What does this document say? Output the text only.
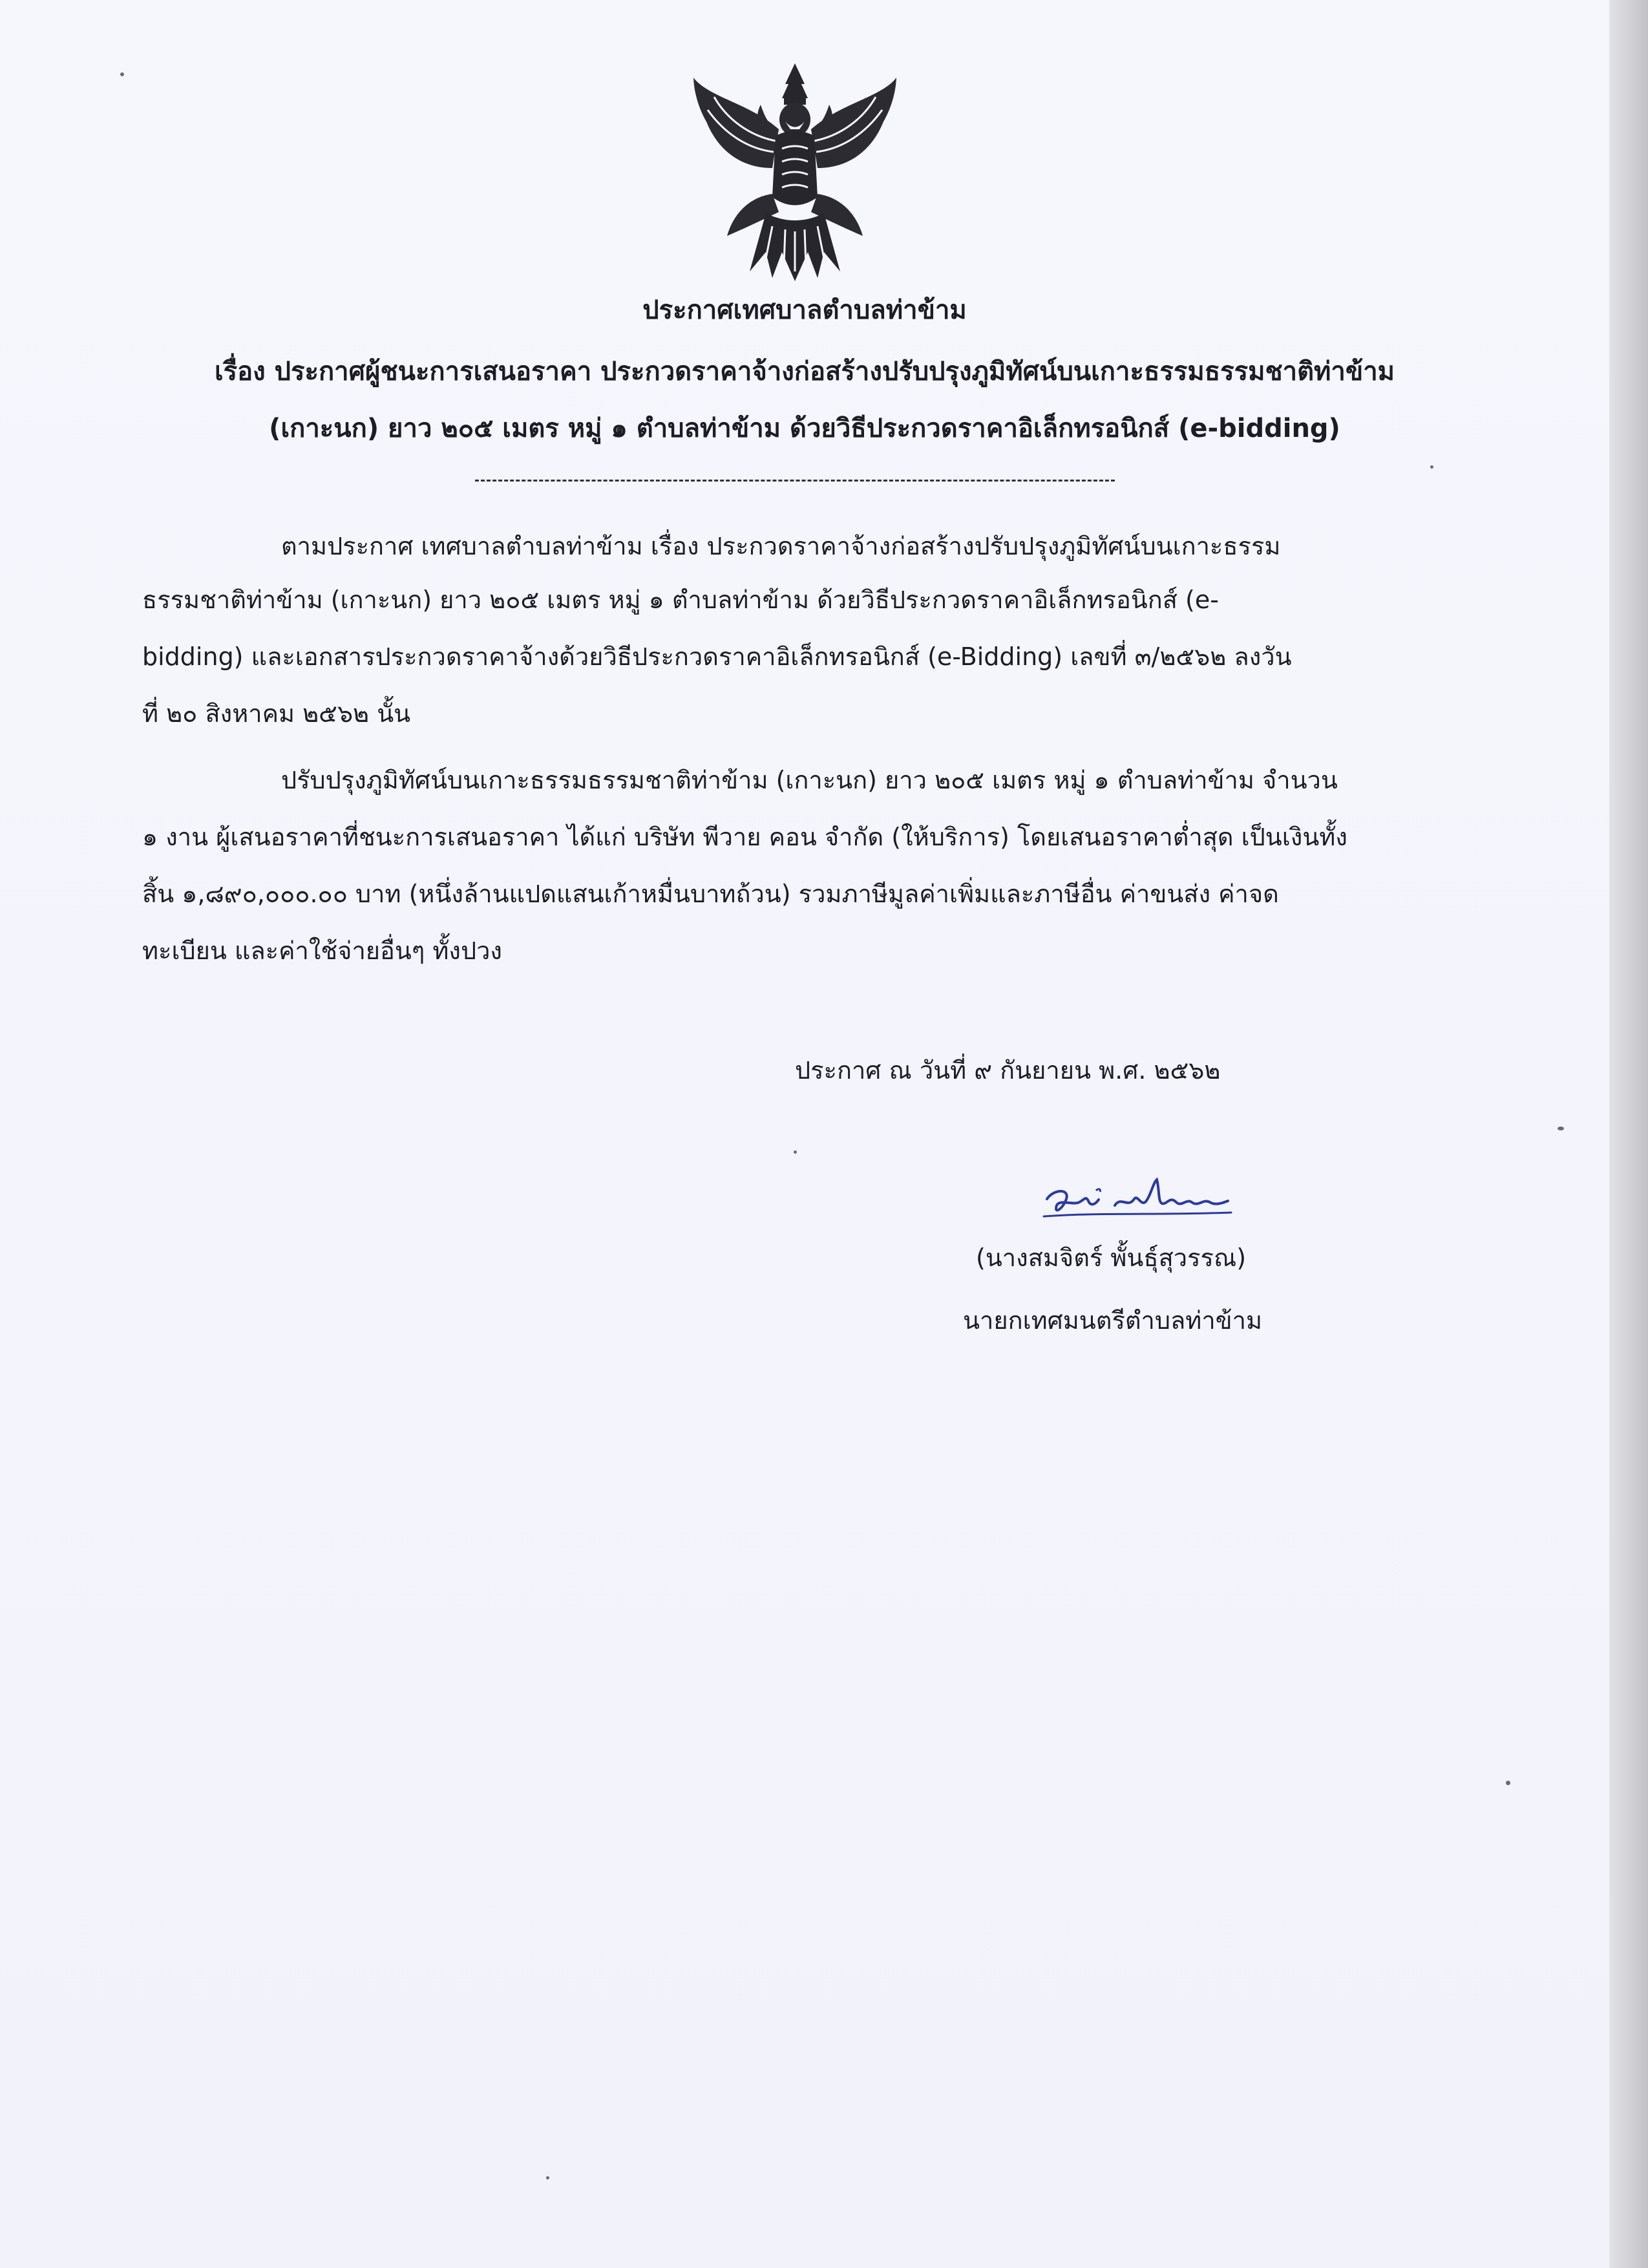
ประกาศเทศบาลตำบลท่าข้าม
เรื่อง ประกาศผู้ชนะการเสนอราคา ประกวดราคาจ้างก่อสร้างปรับปรุงภูมิทัศน์บนเกาะธรรมธรรมชาติท่าข้าม
(เกาะนก) ยาว ๒๐๕ เมตร หมู่ ๑ ตำบลท่าข้าม ด้วยวิธีประกวดราคาอิเล็กทรอนิกส์ (e-bidding)
ตามประกาศ เทศบาลตำบลท่าข้าม เรื่อง ประกวดราคาจ้างก่อสร้างปรับปรุงภูมิทัศน์บนเกาะธรรม
ธรรมชาติท่าข้าม (เกาะนก) ยาว ๒๐๕ เมตร หมู่ ๑ ตำบลท่าข้าม ด้วยวิธีประกวดราคาอิเล็กทรอนิกส์ (e-
bidding) และเอกสารประกวดราคาจ้างด้วยวิธีประกวดราคาอิเล็กทรอนิกส์ (e-Bidding) เลขที่ ๓/๒๕๖๒ ลงวัน
ที่ ๒๐ สิงหาคม ๒๕๖๒ นั้น
ปรับปรุงภูมิทัศน์บนเกาะธรรมธรรมชาติท่าข้าม (เกาะนก) ยาว ๒๐๕ เมตร หมู่ ๑ ตำบลท่าข้าม จำนวน
๑ งาน ผู้เสนอราคาที่ชนะการเสนอราคา ได้แก่ บริษัท พีวาย คอน จำกัด (ให้บริการ) โดยเสนอราคาต่ำสุด เป็นเงินทั้ง
สิ้น ๑,๘๙๐,๐๐๐.๐๐ บาท (หนึ่งล้านแปดแสนเก้าหมื่นบาทถ้วน) รวมภาษีมูลค่าเพิ่มและภาษีอื่น ค่าขนส่ง ค่าจด
ทะเบียน และค่าใช้จ่ายอื่นๆ ทั้งปวง
ประกาศ ณ วันที่ ๙ กันยายน พ.ศ. ๒๕๖๒
(นางสมจิตร์ พั้นธุ์สุวรรณ)
นายกเทศมนตรีตำบลท่าข้าม
